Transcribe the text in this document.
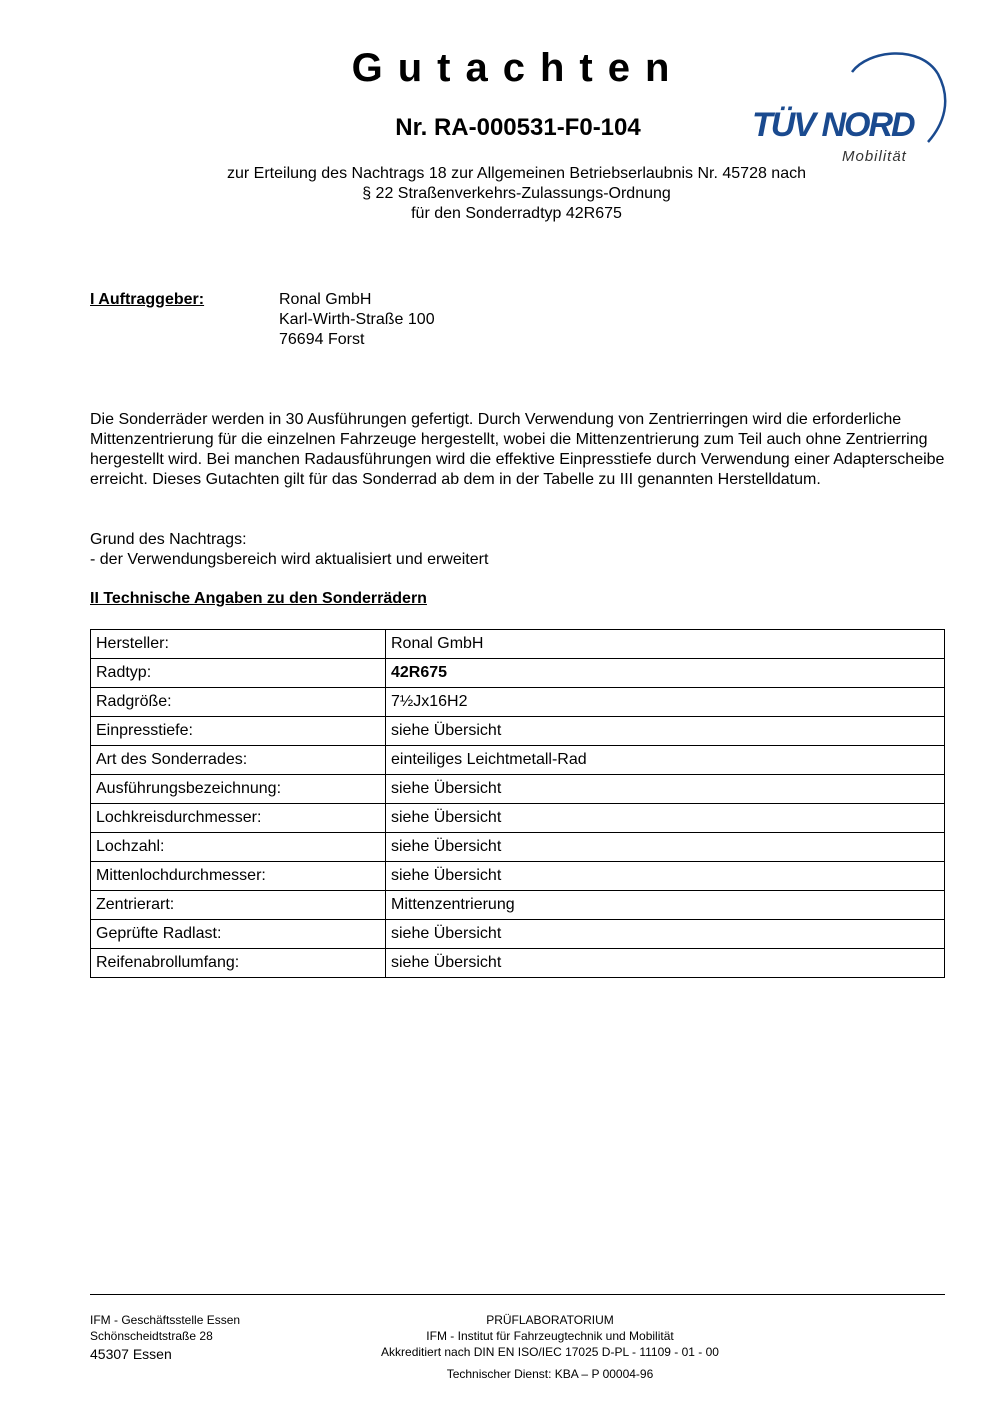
Gutachten
Nr. RA-000531-F0-104
zur Erteilung des Nachtrags 18 zur Allgemeinen Betriebserlaubnis Nr. 45728 nach
§ 22 Straßenverkehrs-Zulassungs-Ordnung
für den Sonderradtyp 42R675
TÜV NORD
Mobilität
I Auftraggeber:	Ronal GmbH
Karl-Wirth-Straße 100
76694 Forst
Die Sonderräder werden in 30 Ausführungen gefertigt. Durch Verwendung von Zentrierringen wird die erforderliche Mittenzentrierung für die einzelnen Fahrzeuge hergestellt, wobei die Mittenzentrierung zum Teil auch ohne Zentrierring hergestellt wird. Bei manchen Radausführungen wird die effektive Einpresstiefe durch Verwendung einer Adapterscheibe erreicht. Dieses Gutachten gilt für das Sonderrad ab dem in der Tabelle zu III genannten Herstelldatum.
Grund des Nachtrags:
- der Verwendungsbereich wird aktualisiert und erweitert
II Technische Angaben zu den Sonderrädern
Hersteller:	Ronal GmbH
Radtyp:	42R675
Radgröße:	7½Jx16H2
Einpresstiefe:	siehe Übersicht
Art des Sonderrades:	einteiliges Leichtmetall-Rad
Ausführungsbezeichnung:	siehe Übersicht
Lochkreisdurchmesser:	siehe Übersicht
Lochzahl:	siehe Übersicht
Mittenlochdurchmesser:	siehe Übersicht
Zentrierart:	Mittenzentrierung
Geprüfte Radlast:	siehe Übersicht
Reifenabrollumfang:	siehe Übersicht
IFM - Geschäftsstelle Essen
Schönscheidtstraße 28
45307 Essen
PRÜFLABORATORIUM
IFM - Institut für Fahrzeugtechnik und Mobilität
Akkreditiert nach DIN EN ISO/IEC 17025 D-PL - 11109 - 01 - 00
Technischer Dienst: KBA – P 00004-96
